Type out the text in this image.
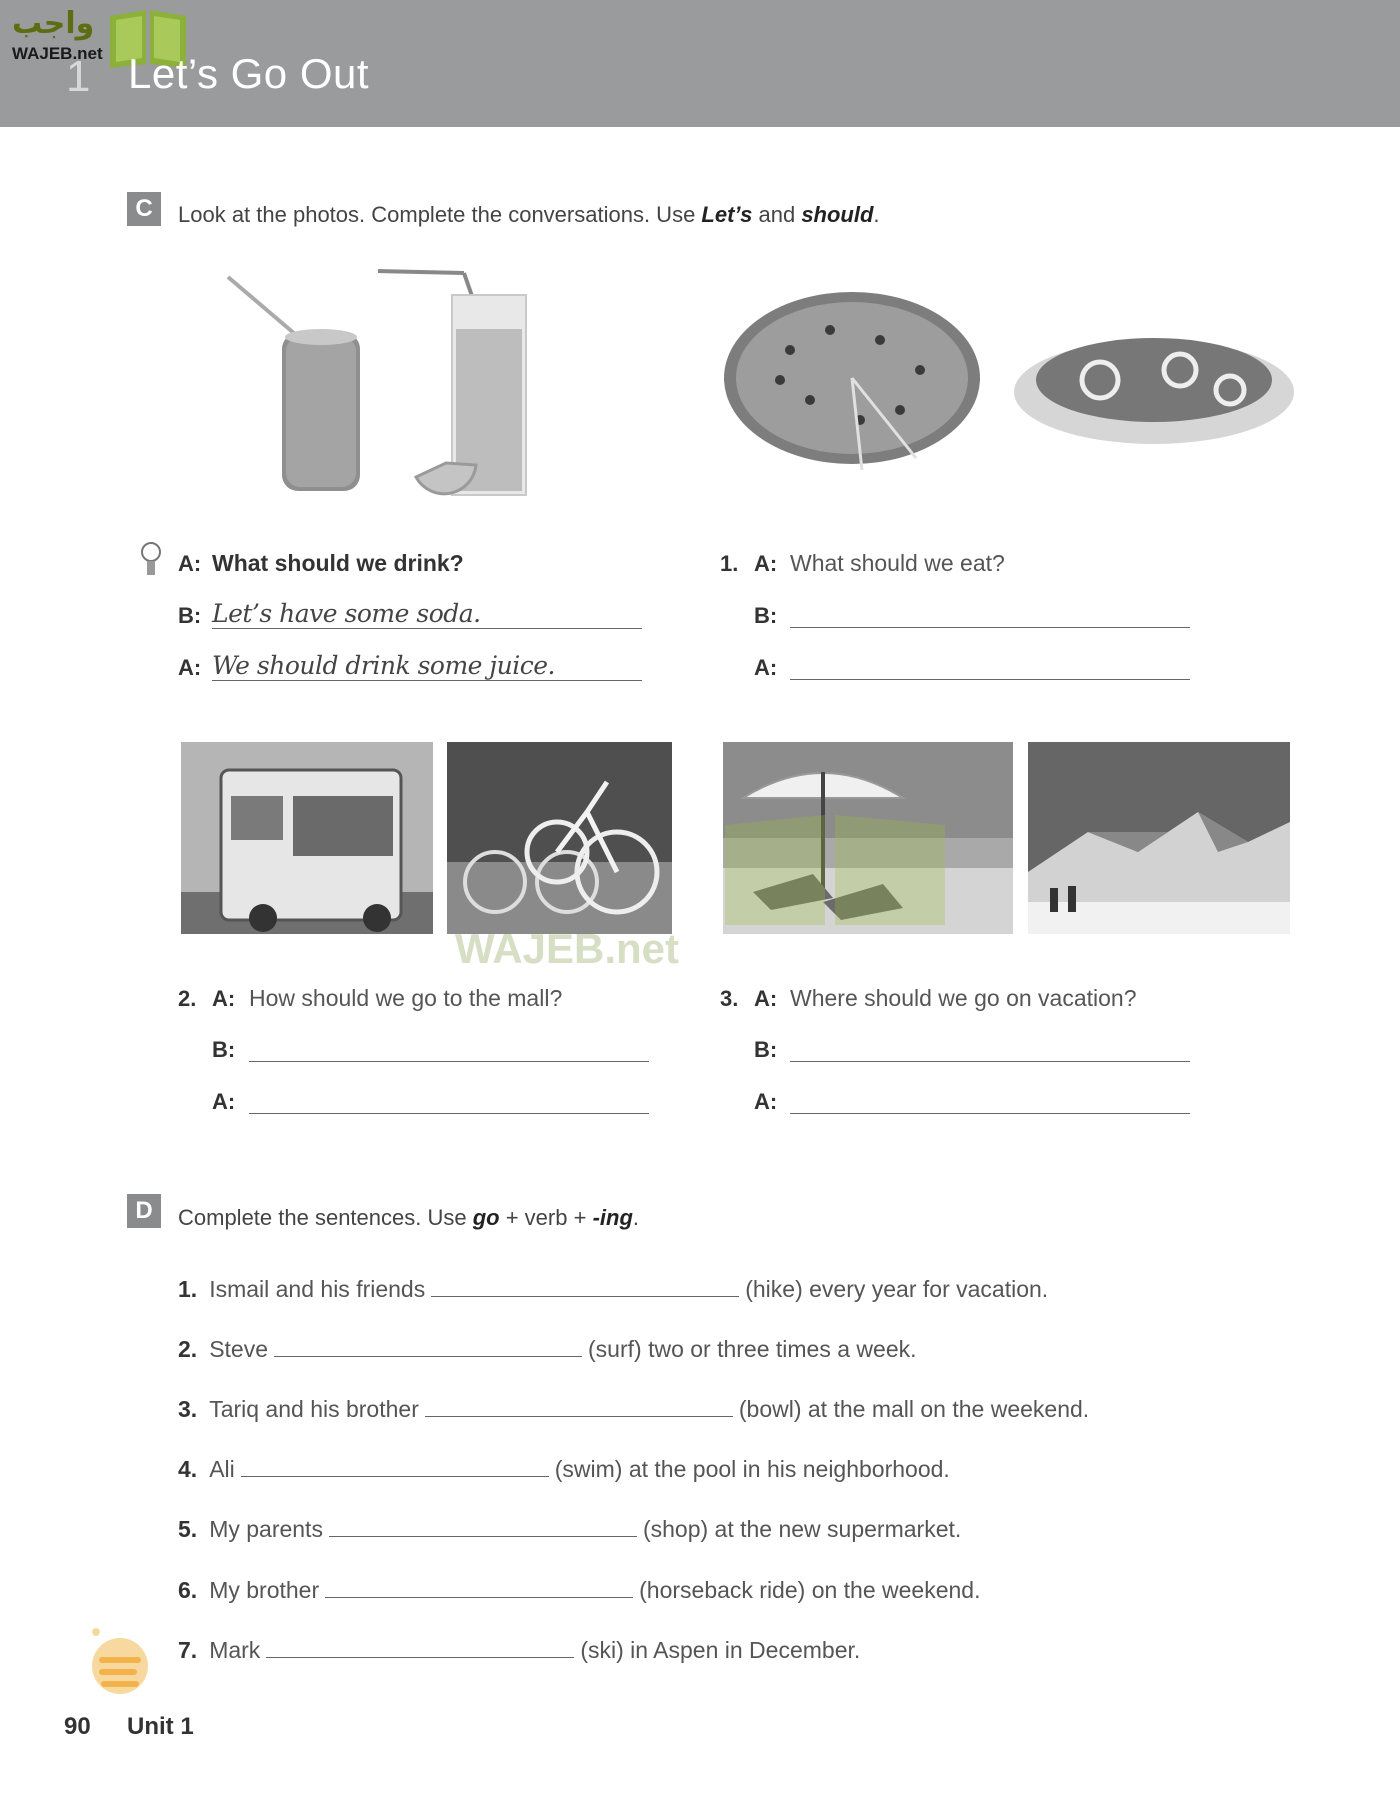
واجب
WAJEB.net
1 Let’s Go Out
C	Look at the photos. Complete the conversations. Use Let’s and should.
A: What should we drink?
B: Let’s have some soda.
A: We should drink some juice.
1. A: What should we eat?
B:
A:
2. A: How should we go to the mall?
B:
A:
3. A: Where should we go on vacation?
B:
A:
WAJEB.net
D	Complete the sentences. Use go + verb + -ing.
1. Ismail and his friends	(hike) every year for vacation.
2. Steve	(surf) two or three times a week.
3. Tariq and his brother	(bowl) at the mall on the weekend.
4. Ali	(swim) at the pool in his neighborhood.
5. My parents	(shop) at the new supermarket.
6. My brother	(horseback ride) on the weekend.
7. Mark	(ski) in Aspen in December.
90 Unit 1
